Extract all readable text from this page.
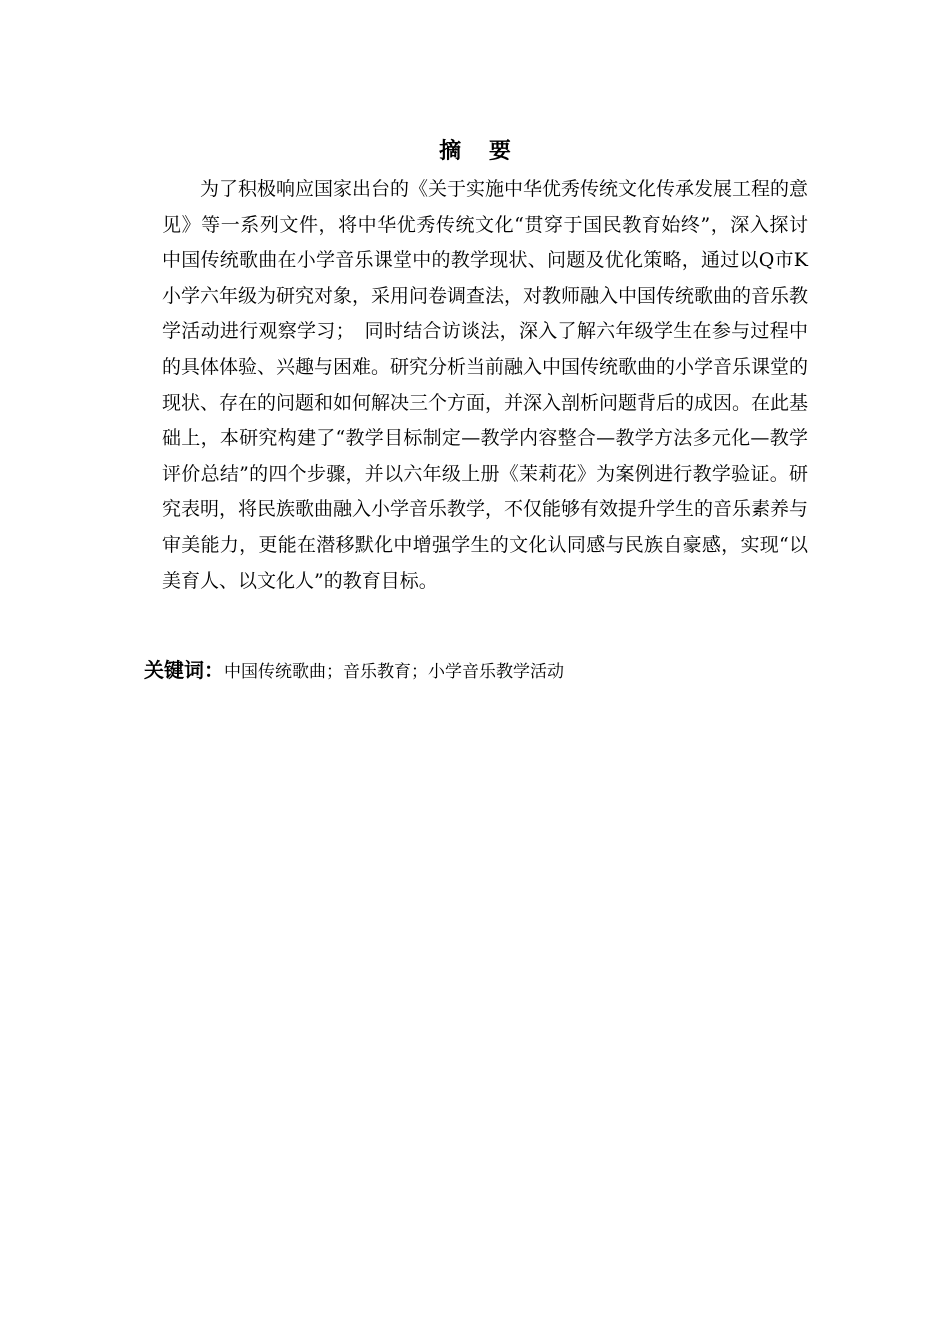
摘 要

为了积极响应国家出台的《关于实施中华优秀传统文化传承发展工程的意见》等一系列文件，将中华优秀传统文化“贯穿于国民教育始终”，深入探讨中国传统歌曲在小学音乐课堂中的教学现状、问题及优化策略，通过以Q市K小学六年级为研究对象，采用问卷调查法，对教师融入中国传统歌曲的音乐教学活动进行观察学习；　同时结合访谈法，深入了解六年级学生在参与过程中的具体体验、兴趣与困难。研究分析当前融入中国传统歌曲的小学音乐课堂的现状、存在的问题和如何解决三个方面，并深入剖析问题背后的成因。在此基础上，本研究构建了“教学目标制定—教学内容整合—教学方法多元化—教学评价总结”的四个步骤，并以六年级上册《茉莉花》为案例进行教学验证。研究表明，将民族歌曲融入小学音乐教学，不仅能够有效提升学生的音乐素养与审美能力，更能在潜移默化中增强学生的文化认同感与民族自豪感，实现“以美育人、以文化人”的教育目标。

关键词：中国传统歌曲；音乐教育；小学音乐教学活动
